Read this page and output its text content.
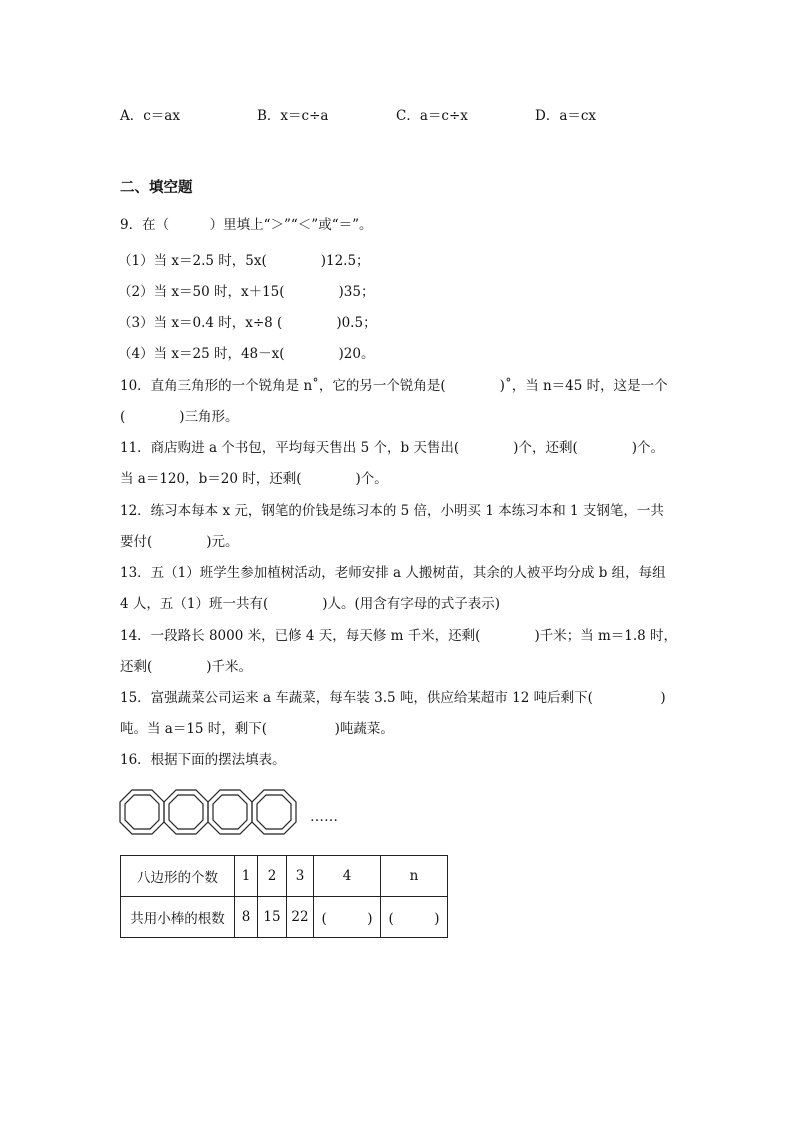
A．c＝ax	B．x＝c÷a	C．a＝c÷x	D．a＝cx
二、填空题
9．在（　　　）里填上“＞”“＜”或“＝”。
（1）当 x＝2.5 时，5x(　　　　)12.5；
（2）当 x＝50 时，x＋15(　　　　)35；
（3）当 x＝0.4 时，x÷8 (　　　　)0.5；
（4）当 x＝25 时，48－x(　　　　)20。
10．直角三角形的一个锐角是 n˚，它的另一个锐角是(　　　　)˚，当 n＝45 时，这是一个
(　　　　)三角形。
11．商店购进 a 个书包，平均每天售出 5 个，b 天售出(　　　　)个，还剩(　　　　)个。
当 a＝120，b＝20 时，还剩(　　　　)个。
12．练习本每本 x 元，钢笔的价钱是练习本的 5 倍，小明买 1 本练习本和 1 支钢笔，一共
要付(　　　　)元。
13．五（1）班学生参加植树活动，老师安排 a 人搬树苗，其余的人被平均分成 b 组，每组
4 人，五（1）班一共有(　　　　)人。(用含有字母的式子表示)
14．一段路长 8000 米，已修 4 天，每天修 m 千米，还剩(　　　　)千米；当 m＝1.8 时，
还剩(　　　　)千米。
15．富强蔬菜公司运来 a 车蔬菜，每车装 3.5 吨，供应给某超市 12 吨后剩下(　　　　　)
吨。当 a＝15 时，剩下(　　　　　)吨蔬菜。
16．根据下面的摆法填表。
……
八边形的个数	1	2	3	4	n
共用小棒的根数	8	15	22	(　　　)	(　　　)
